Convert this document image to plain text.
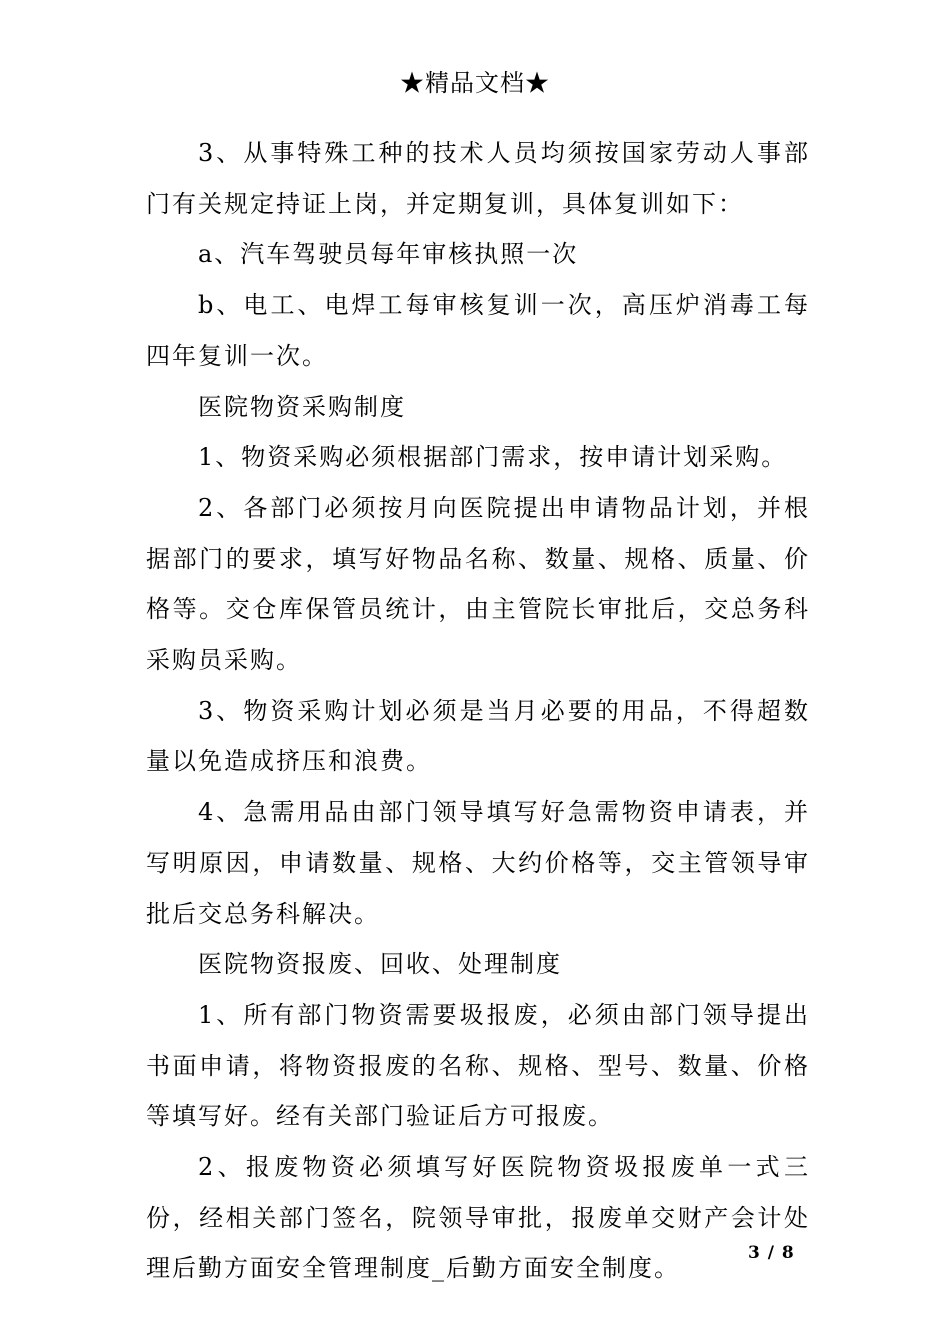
★精品文档★

3、从事特殊工种的技术人员均须按国家劳动人事部门有关规定持证上岗，并定期复训，具体复训如下：

a、汽车驾驶员每年审核执照一次

b、电工、电焊工每审核复训一次，高压炉消毒工每四年复训一次。

医院物资采购制度

1、物资采购必须根据部门需求，按申请计划采购。

2、各部门必须按月向医院提出申请物品计划，并根据部门的要求，填写好物品名称、数量、规格、质量、价格等。交仓库保管员统计，由主管院长审批后，交总务科采购员采购。

3、物资采购计划必须是当月必要的用品，不得超数量以免造成挤压和浪费。

4、急需用品由部门领导填写好急需物资申请表，并写明原因，申请数量、规格、大约价格等，交主管领导审批后交总务科解决。

医院物资报废、回收、处理制度

1、所有部门物资需要圾报废，必须由部门领导提出书面申请，将物资报废的名称、规格、型号、数量、价格等填写好。经有关部门验证后方可报废。

2、报废物资必须填写好医院物资圾报废单一式三份，经相关部门签名，院领导审批，报废单交财产会计处理后勤方面安全管理制度_后勤方面安全制度。

3 / 8
